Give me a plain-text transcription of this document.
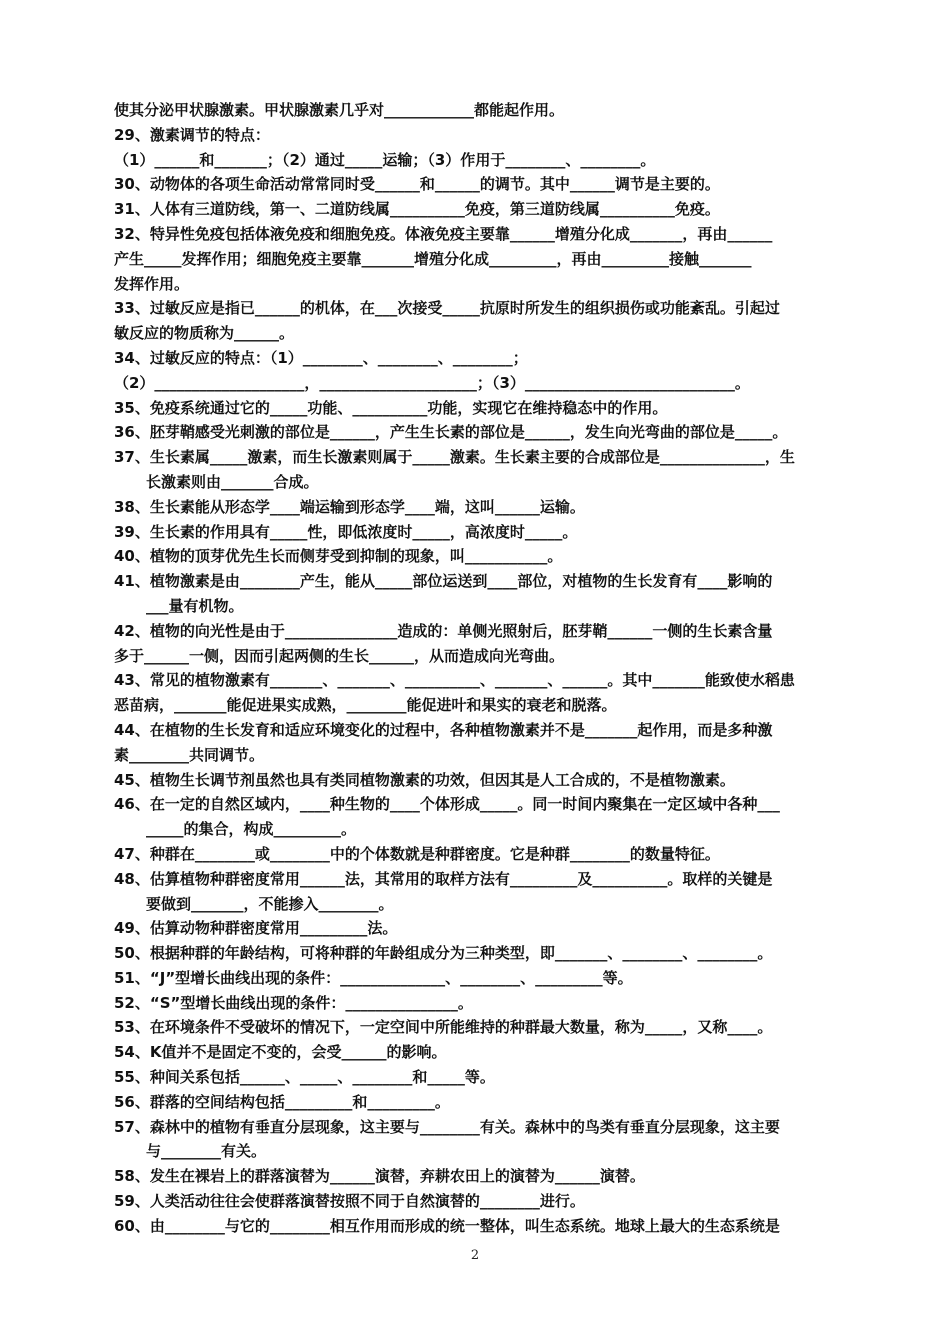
使其分泌甲状腺激素。甲状腺激素几乎对____________都能起作用。
29、激素调节的特点：
（1）______和_______；（2）通过_____运输；（3）作用于________、________。
30、动物体的各项生命活动常常同时受______和______的调节。其中______调节是主要的。
31、人体有三道防线，第一、二道防线属__________免疫，第三道防线属__________免疫。
32、特异性免疫包括体液免疫和细胞免疫。体液免疫主要靠______增殖分化成_______，再由______
产生_____发挥作用；细胞免疫主要靠_______增殖分化成_________，再由_________接触_______
发挥作用。
33、过敏反应是指已______的机体，在___次接受_____抗原时所发生的组织损伤或功能紊乱。引起过
敏反应的物质称为______。
34、过敏反应的特点：（1）________、________、________；
（2）____________________，_____________________；（3）____________________________。
35、免疫系统通过它的_____功能、__________功能，实现它在维持稳态中的作用。
36、胚芽鞘感受光刺激的部位是______，产生生长素的部位是______，发生向光弯曲的部位是_____。
37、生长素属_____激素，而生长激素则属于_____激素。生长素主要的合成部位是______________，生
长激素则由_______合成。
38、生长素能从形态学____端运输到形态学____端，这叫______运输。
39、生长素的作用具有_____性，即低浓度时_____，高浓度时_____。
40、植物的顶芽优先生长而侧芽受到抑制的现象，叫___________。
41、植物激素是由________产生，能从_____部位运送到____部位，对植物的生长发育有____影响的
___量有机物。
42、植物的向光性是由于_______________造成的：单侧光照射后，胚芽鞘______一侧的生长素含量
多于______一侧，因而引起两侧的生长______，从而造成向光弯曲。
43、常见的植物激素有_______、_______、__________、_______、______。其中_______能致使水稻患
恶苗病，_______能促进果实成熟，________能促进叶和果实的衰老和脱落。
44、在植物的生长发育和适应环境变化的过程中，各种植物激素并不是_______起作用，而是多种激
素________共同调节。
45、植物生长调节剂虽然也具有类同植物激素的功效，但因其是人工合成的，不是植物激素。
46、在一定的自然区域内，____种生物的____个体形成_____。同一时间内聚集在一定区域中各种___
_____的集合，构成_________。
47、种群在________或________中的个体数就是种群密度。它是种群________的数量特征。
48、估算植物种群密度常用______法，其常用的取样方法有_________及__________。取样的关键是
要做到_______，不能掺入________。
49、估算动物种群密度常用_________法。
50、根据种群的年龄结构，可将种群的年龄组成分为三种类型，即_______、________、________。
51、“J”型增长曲线出现的条件：______________、________、_________等。
52、“S”型增长曲线出现的条件：_______________。
53、在环境条件不受破坏的情况下，一定空间中所能维持的种群最大数量，称为_____，又称____。
54、K值并不是固定不变的，会受______的影响。
55、种间关系包括______、_____、________和_____等。
56、群落的空间结构包括_________和_________。
57、森林中的植物有垂直分层现象，这主要与________有关。森林中的鸟类有垂直分层现象，这主要
与________有关。
58、发生在裸岩上的群落演替为______演替，弃耕农田上的演替为______演替。
59、人类活动往往会使群落演替按照不同于自然演替的________进行。
60、由________与它的________相互作用而形成的统一整体，叫生态系统。地球上最大的生态系统是
2
